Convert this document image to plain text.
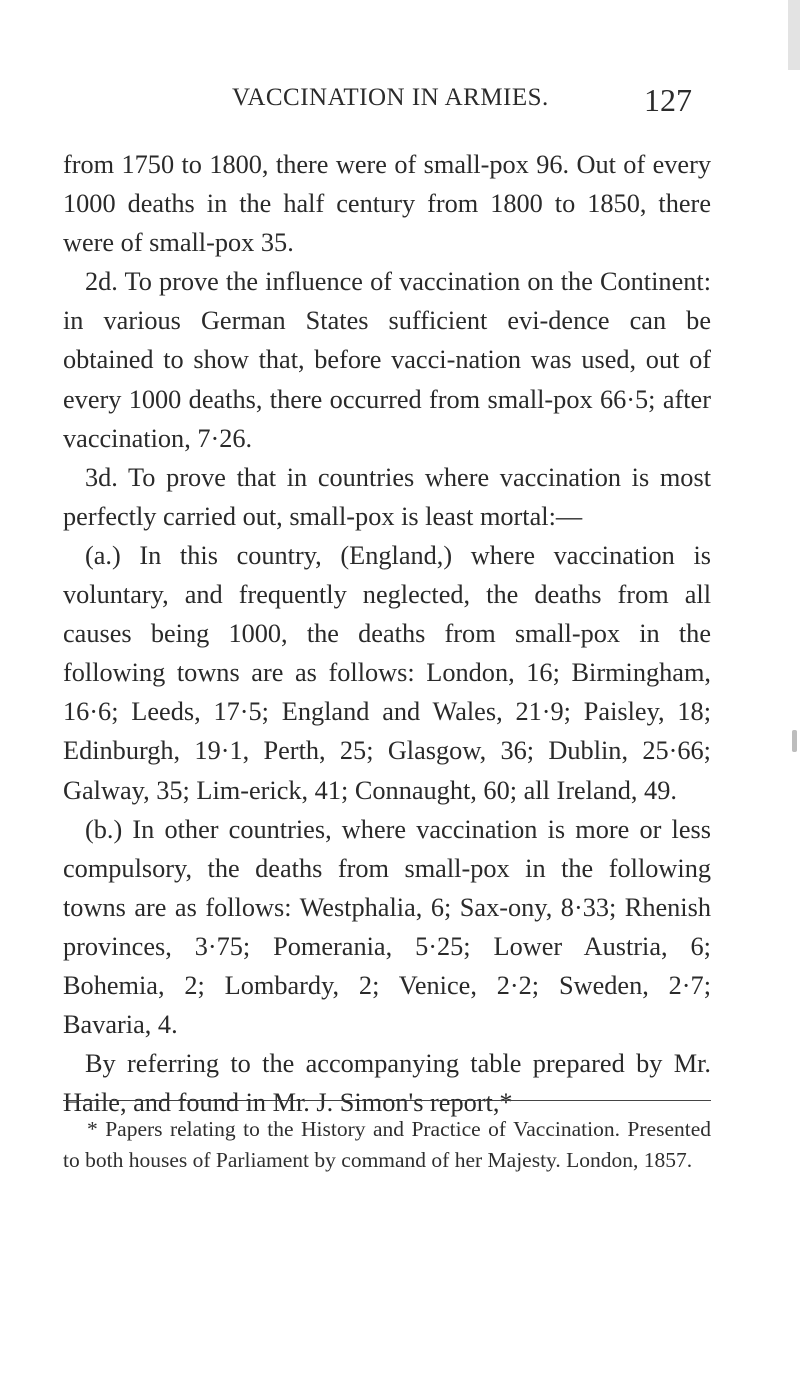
VACCINATION IN ARMIES.	127

from 1750 to 1800, there were of small-pox 96. Out of every 1000 deaths in the half century from 1800 to 1850, there were of small-pox 35.

2d. To prove the influence of vaccination on the Continent: in various German States sufficient evi-dence can be obtained to show that, before vacci-nation was used, out of every 1000 deaths, there occurred from small-pox 66·5; after vaccination, 7·26.

3d. To prove that in countries where vaccination is most perfectly carried out, small-pox is least mortal:—

(a.) In this country, (England,) where vaccination is voluntary, and frequently neglected, the deaths from all causes being 1000, the deaths from small-pox in the following towns are as follows: London, 16; Birmingham, 16·6; Leeds, 17·5; England and Wales, 21·9; Paisley, 18; Edinburgh, 19·1, Perth, 25; Glasgow, 36; Dublin, 25·66; Galway, 35; Lim-erick, 41; Connaught, 60; all Ireland, 49.

(b.) In other countries, where vaccination is more or less compulsory, the deaths from small-pox in the following towns are as follows: Westphalia, 6; Sax-ony, 8·33; Rhenish provinces, 3·75; Pomerania, 5·25; Lower Austria, 6; Bohemia, 2; Lombardy, 2; Venice, 2·2; Sweden, 2·7; Bavaria, 4.

By referring to the accompanying table prepared by Mr. Haile, and found in Mr. J. Simon's report,*

* Papers relating to the History and Practice of Vaccination. Presented to both houses of Parliament by command of her Majesty. London, 1857.
